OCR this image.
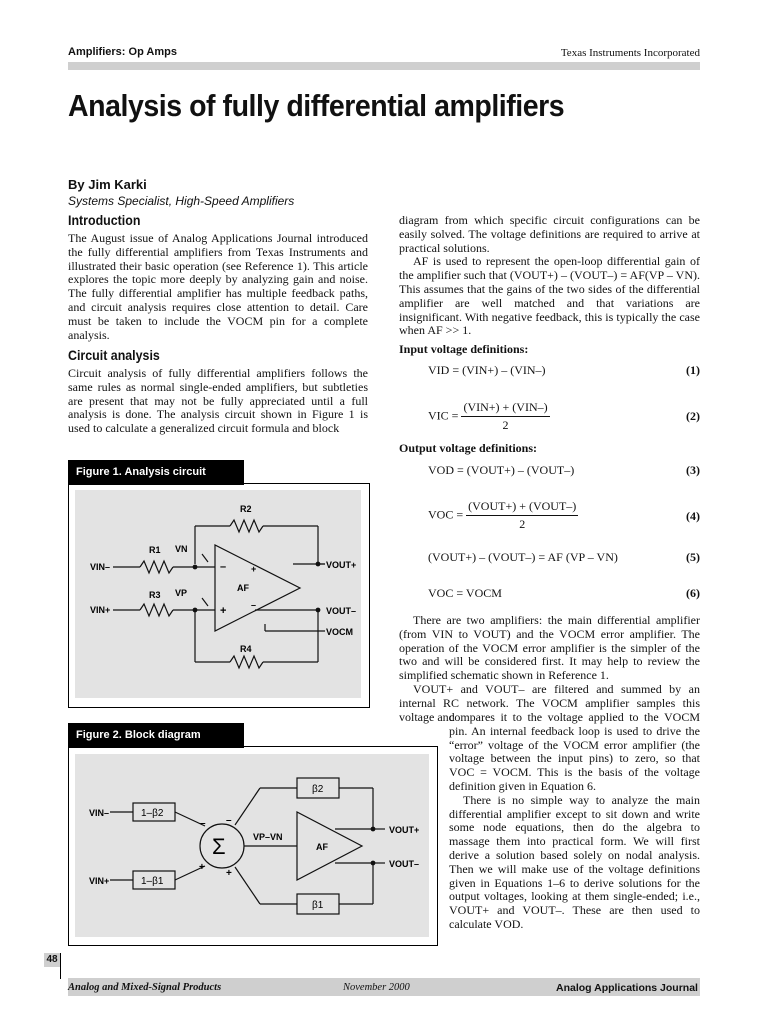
Amplifiers: Op Amps	Texas Instruments Incorporated
Analysis of fully differential amplifiers
By Jim Karki
Systems Specialist, High-Speed Amplifiers
Introduction
The August issue of Analog Applications Journal introduced the fully differential amplifiers from Texas Instruments and illustrated their basic operation (see Reference 1). This article explores the topic more deeply by analyzing gain and noise. The fully differential amplifier has multiple feedback paths, and circuit analysis requires close attention to detail. Care must be taken to include the VOCM pin for a complete analysis.
Circuit analysis
Circuit analysis of fully differential amplifiers follows the same rules as normal single-ended amplifiers, but subtleties are present that may not be fully appreciated until a full analysis is done. The analysis circuit shown in Figure 1 is used to calculate a generalized circuit formula and block
Figure 1. Analysis circuit
R2
R1
R3
R4
VN
VP
VIN–
VIN+
–
+
+
–
AF
VOUT+
VOUT–
VOCM
Figure 2. Block diagram
VIN–
VIN+
1–β2
1–β1
Σ
– –
+
+
VP–VN
AF
β2
β1
VOUT+
VOUT–

diagram from which specific circuit configurations can be easily solved. The voltage definitions are required to arrive at practical solutions.

AF is used to represent the open-loop differential gain of the amplifier such that (VOUT+) – (VOUT–) = AF(VP – VN). This assumes that the gains of the two sides of the differential amplifier are well matched and that variations are insignificant. With negative feedback, this is typically the case when AF >> 1.

Input voltage definitions:
VID = (VIN+) – (VIN–)	(1)
VIC = $\frac{\text{(VIN+) + (VIN–)}}{2}$	(2)
Output voltage definitions:
VOD = (VOUT+) – (VOUT–)	(3)
VOC = $\frac{\text{(VOUT+) + (VOUT–)}}{2}$	(4)
(VOUT+) – (VOUT–) = AF (VP – VN)	(5)
VOC = VOCM	(6)

There are two amplifiers: the main differential amplifier (from VIN to VOUT) and the VOCM error amplifier. The operation of the VOCM error amplifier is the simpler of the two and will be considered first. It may help to review the simplified schematic shown in Reference 1.

VOUT+ and VOUT– are filtered and summed by an internal RC network. The VOCM amplifier samples this voltage and

compares it to the voltage applied to the VOCM pin. An internal feedback loop is used to drive the “error” voltage of the VOCM error amplifier (the voltage between the input pins) to zero, so that VOC = VOCM. This is the basis of the voltage definition given in Equation 6.

There is no simple way to analyze the main differential amplifier except to sit down and write some node equations, then do the algebra to massage them into practical form. We will first derive a solution based solely on nodal analysis. Then we will make use of the voltage definitions given in Equations 1–6 to derive solutions for the output voltages, looking at them single-ended; i.e., VOUT+ and VOUT–. These are then used to calculate VOD.

48
Analog and Mixed-Signal Products	November 2000	Analog Applications Journal
